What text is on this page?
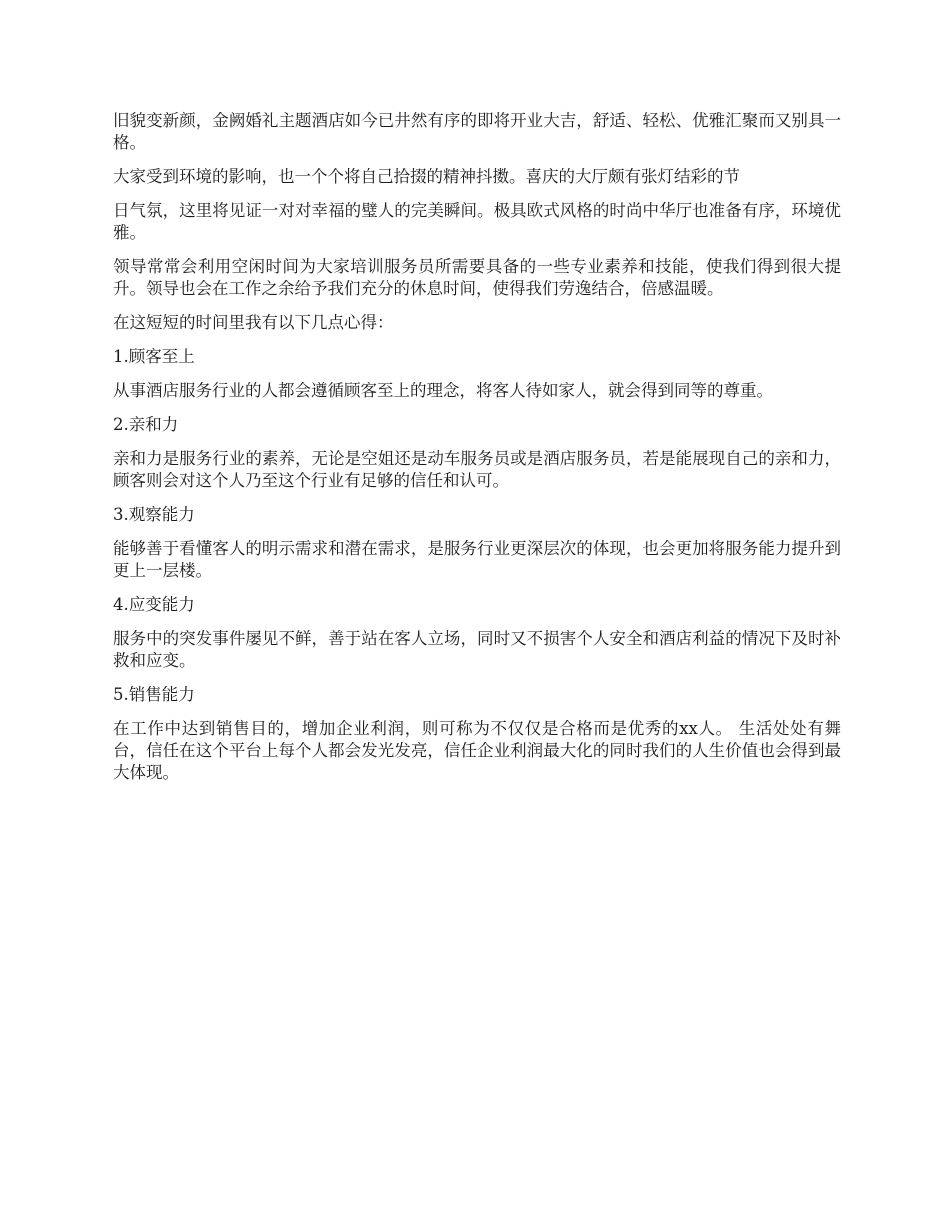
旧貌变新颜，金阙婚礼主题酒店如今已井然有序的即将开业大吉，舒适、轻松、优雅汇聚而又别具一格。

大家受到环境的影响，也一个个将自己拾掇的精神抖擞。喜庆的大厅颇有张灯结彩的节

日气氛，这里将见证一对对幸福的璧人的完美瞬间。极具欧式风格的时尚中华厅也准备有序，环境优雅。

领导常常会利用空闲时间为大家培训服务员所需要具备的一些专业素养和技能，使我们得到很大提升。领导也会在工作之余给予我们充分的休息时间，使得我们劳逸结合，倍感温暖。

在这短短的时间里我有以下几点心得：

1.顾客至上

从事酒店服务行业的人都会遵循顾客至上的理念，将客人待如家人，就会得到同等的尊重。

2.亲和力

亲和力是服务行业的素养，无论是空姐还是动车服务员或是酒店服务员，若是能展现自己的亲和力，顾客则会对这个人乃至这个行业有足够的信任和认可。

3.观察能力

能够善于看懂客人的明示需求和潜在需求，是服务行业更深层次的体现，也会更加将服务能力提升到更上一层楼。

4.应变能力

服务中的突发事件屡见不鲜，善于站在客人立场，同时又不损害个人安全和酒店利益的情况下及时补救和应变。

5.销售能力

在工作中达到销售目的，增加企业利润，则可称为不仅仅是合格而是优秀的xx人。 生活处处有舞台，信任在这个平台上每个人都会发光发亮，信任企业利润最大化的同时我们的人生价值也会得到最大体现。
